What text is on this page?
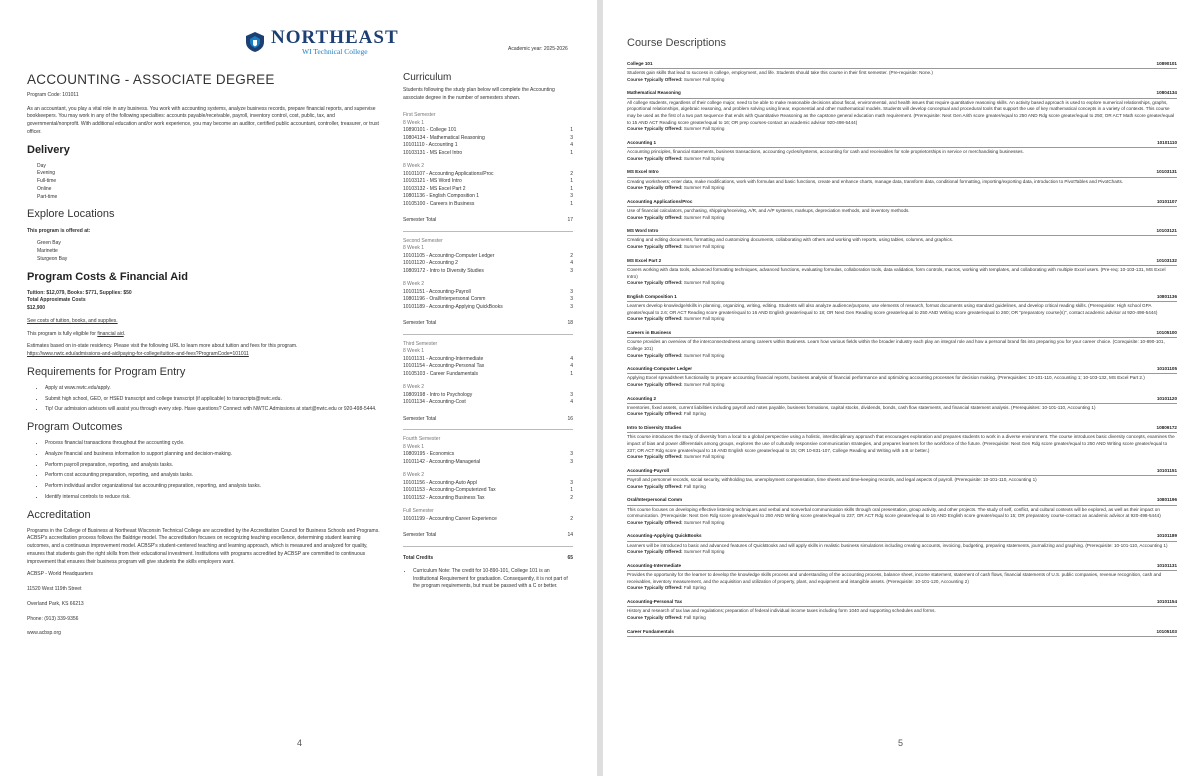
NORTHEAST
WI Technical College	Academic year: 2025-2026
ACCOUNTING - ASSOCIATE DEGREE
Program Code: 101011

As an accountant, you play a vital role in any business. You work with accounting systems, analyze business records, prepare financial reports, and supervise bookkeepers. You may work in any of the following specialties: accounts payable/receivable, payroll, inventory control, cost, public, tax, and governmental/nonprofit. With additional education and/or work experience, you may become an auditor, certified public accountant, controller, treasurer, or trust officer.

Delivery
Day
Evening
Full-time
Online
Part-time
Explore Locations

This program is offered at:

Green Bay
Marinette
Sturgeon Bay
Program Costs & Financial Aid

Tuition: $12,079, Books: $771, Supplies: $50

Total Approximate Costs

$12,900

See costs of tuition, books, and supplies.

This program is fully eligible for financial aid.

Estimates based on in-state residency. Please visit the following URL to learn more about tuition and fees for this program.

https://www.nwtc.edu/admissions-and-aid/paying-for-college/tuition-and-fees?ProgramCode=101011

Requirements for Program Entry
• Apply at www.nwtc.edu/apply.
• Submit high school, GED, or HSED transcript and college transcript (if applicable) to transcripts@nwtc.edu.
• Tip! Our admission advisors will assist you through every step. Have questions? Connect with NWTC Admissions at start@nwtc.edu or 920-498-5444.
Program Outcomes
• Process financial transactions throughout the accounting cycle.
• Analyze financial and business information to support planning and decision-making.
• Perform payroll preparation, reporting, and analysis tasks.
• Perform cost accounting preparation, reporting, and analysis tasks.
• Perform individual and/or organizational tax accounting preparation, reporting, and analysis tasks.
• Identify internal controls to reduce risk.
Accreditation

Programs in the College of Business at Northeast Wisconsin Technical College are accredited by the Accreditation Council for Business Schools and Programs. ACBSP's accreditation process follows the Baldrige model. The accreditation focuses on recognizing teaching excellence, determining student learning outcomes, and a continuous improvement model. ACBSP's student-centered teaching and learning approach, which is measured and analyzed for quality, ensures that students gain the right skills from their educational investment. Institutions with programs accredited by ACBSP are committed to continuous improvement that ensures their business program will give students the skills employers want.

ACBSP - World Headquarters

11520 West 119th Street

Overland Park, KS 66213

Phone: (913) 339-9356

www.acbsp.org

Curriculum

Students following the study plan below will complete the Accounting associate degree in the number of semesters shown.

First Semester
8 Week 1
10890101 - College 101	1
10804134 - Mathematical Reasoning	3
10101110 - Accounting 1	4
10103131 - MS Excel Intro	1
8 Week 2
10101107 - Accounting Applications/Proc	2
10103121 - MS Word Intro	1
10103132 - MS Excel Part 2	1
10801136 - English Composition 1	3
10105100 - Careers in Business	1
Semester Total	17
Second Semester
8 Week 1
10101105 - Accounting-Computer Ledger	2
10101120 - Accounting 2	4
10809172 - Intro to Diversity Studies	3
8 Week 2
10101151 - Accounting-Payroll	3
10801196 - Oral/Interpersonal Comm	3
10101189 - Accounting-Applying QuickBooks	3
Semester Total	18
Third Semester
8 Week 1
10101131 - Accounting-Intermediate	4
10101154 - Accounting-Personal Tax	4
10105103 - Career Fundamentals	1
8 Week 2
10809198 - Intro to Psychology	3
10101134 - Accounting-Cost	4
Semester Total	16
Fourth Semester
8 Week 1
10809195 - Economics	3
10101142 - Accounting-Managerial	3
8 Week 2
10101156 - Accounting-Auto Appl	3
10101153 - Accounting-Computerized Tax	1
10101152 - Accounting Business Tax	2
Full Semester
10101199 - Accounting Career Experience	2
Semester Total	14
Total Credits	65
• Curriculum Note: The credit for 10-890-101, College 101 is an Institutional Requirement for graduation. Consequently, it is not part of the program requirements, but must be passed with a C or better.
4
Course Descriptions
College 101	10890101
Students gain skills that lead to success in college, employment, and life. Students should take this course in their first semester. (Pre-requisite: None.)
Course Typically Offered: Summer Fall Spring
Mathematical Reasoning	10804134
All college students, regardless of their college major, need to be able to make reasonable decisions about fiscal, environmental, and health issues that require quantitative reasoning skills. An activity based approach is used to explore numerical relationships, graphs, proportional relationships, algebraic reasoning, and problem solving using linear, exponential and other mathematical models. Students will develop conceptual and procedural tools that support the use of key mathematical concepts in a variety of contexts. This course may be used as the first of a two part sequence that ends with Quantitative Reasoning as the capstone general education math requirement. (Prerequisite: Next Gen Arith score greater/equal to 250 AND Rdg score greater/equal to 250; OR ACT Math score greater/equal to 15 AND ACT Reading score greater/equal to 16; OR prep courses-contact an academic advisor 920-498-5444)
Course Typically Offered: Summer Fall Spring
Accounting 1	10101110
Accounting principles, financial statements, business transactions, accounting cycles/systems, accounting for cash and receivables for sole proprietorships in service or merchandising businesses.
Course Typically Offered: Summer Fall Spring
MS Excel Intro	10103131
Creating worksheets; enter data, make modifications, work with formulas and basic functions, create and enhance charts, manage data, transform data, conditional formatting, importing/exporting data, introduction to PivotTables and PivotCharts.
Course Typically Offered: Summer Fall Spring
Accounting Applications/Proc	10101107
Use of financial calculators, purchasing, shipping/receiving, A/R, and A/P systems, markups, depreciation methods, and inventory methods.
Course Typically Offered: Summer Fall Spring
MS Word Intro	10103121
Creating and editing documents, formatting and customizing documents, collaborating with others and working with reports, using tables, columns, and graphics.
Course Typically Offered: Summer Fall Spring
MS Excel Part 2	10103132
Covers working with data tools, advanced formatting techniques, advanced functions, evaluating formulas, collaboration tools, data validation, form controls, macros, working with templates, and collaborating with multiple Excel users. (Pre-req: 10-103-131, MS Excel Intro)
Course Typically Offered: Summer Fall Spring
English Composition 1	10801136
Learners develop knowledge/skills in planning, organizing, writing, editing. Students will also analyze audience/purpose, use elements of research, format documents using standard guidelines, and develop critical reading skills. (Prerequisite: High school GPA greater/equal to 2.6; OR ACT Reading score greater/equal to 16 AND English greater/equal to 18; OR Next Gen Reading score greater/equal to 250 AND Writing score greater/equal to 260; OR "preparatory course(s)", contact academic advisor at 920-498-5444)
Course Typically Offered: Summer Fall Spring
Careers in Business	10105100
Course provides an overview of the interconnectedness among careers within Business. Learn how various fields within the broader industry each play an integral role and how a personal brand fits into preparing you for your career choice. (Corequisite: 10-890-101, College 101)
Course Typically Offered: Summer Fall Spring
Accounting-Computer Ledger	10101105
Applying Excel spreadsheet functionality to prepare accounting financial reports, business analysis of financial performance and optimizing accounting processes for decision making. (Prerequisites: 10-101-110, Accounting 1; 10-103-132, MS Excel Part 2.)
Course Typically Offered: Summer Fall Spring
Accounting 2	10101120
Inventories, fixed assets, current liabilities including payroll and notes payable, business formations, capital stocks, dividends, bonds, cash flow statements, and financial statement analysis. (Prerequisites: 10-101-110, Accounting 1)
Course Typically Offered: Fall Spring
Intro to Diversity Studies	10809172
This course introduces the study of diversity from a local to a global perspective using a holistic, interdisciplinary approach that encourages exploration and prepares students to work in a diverse environment. The course introduces basic diversity concepts, examines the impact of bias and power differentials among groups, explores the use of culturally responsive communication strategies, and prepares learners for the workforce of the future. (Prerequisite: Next Gen Rdg score greater/equal to 250 AND Writing score greater/equal to 237; OR ACT Rdg score greater/equal to 16 AND English score greater/equal to 15; OR 10-831-107, College Reading and Writing with a B or better.)
Course Typically Offered: Summer Fall Spring
Accounting-Payroll	10101151
Payroll and personnel records, social security, withholding tax, unemployment compensation, time sheets and time-keeping records, and legal aspects of payroll. (Prerequisite: 10-101-110, Accounting 1)
Course Typically Offered: Fall Spring
Oral/Interpersonal Comm	10801196
This course focuses on developing effective listening techniques and verbal and nonverbal communication skills through oral presentation, group activity, and other projects. The study of self, conflict, and cultural contexts will be explored, as well as their impact on communication. (Prerequisite: Next Gen Rdg score greater/equal to 250 AND Writing score greater/equal to 237; OR ACT Rdg score greater/equal to 16 AND English score greater/equal to 15; OR preparatory course-contact an academic advisor at 920-498-5444)
Course Typically Offered: Summer Fall Spring
Accounting-Applying QuickBooks	10101189
Learners will be introduced to basic and advanced features of QuickBooks and will apply skills in realistic business simulations including creating accounts, invoicing, budgeting, preparing statements, journalizing and graphing. (Prerequisite: 10-101-110, Accounting 1)
Course Typically Offered: Summer Fall Spring
Accounting-Intermediate	10101131
Provides the opportunity for the learner to develop the knowledge skills process and understanding of the accounting process, balance sheet, income statement, statement of cash flows, financial statements of U.S. public companies, revenue recognition, cash and receivables, inventory measurement, and the acquisition and utilization of property, plant, and equipment and intangible assets. (Prerequisite: 10-101-120, Accounting 2)
Course Typically Offered: Fall Spring
Accounting-Personal Tax	10101154
History and research of tax law and regulations; preparation of federal individual income taxes including form 1040 and supporting schedules and forms.
Course Typically Offered: Fall Spring
Career Fundamentals	10105103
5
